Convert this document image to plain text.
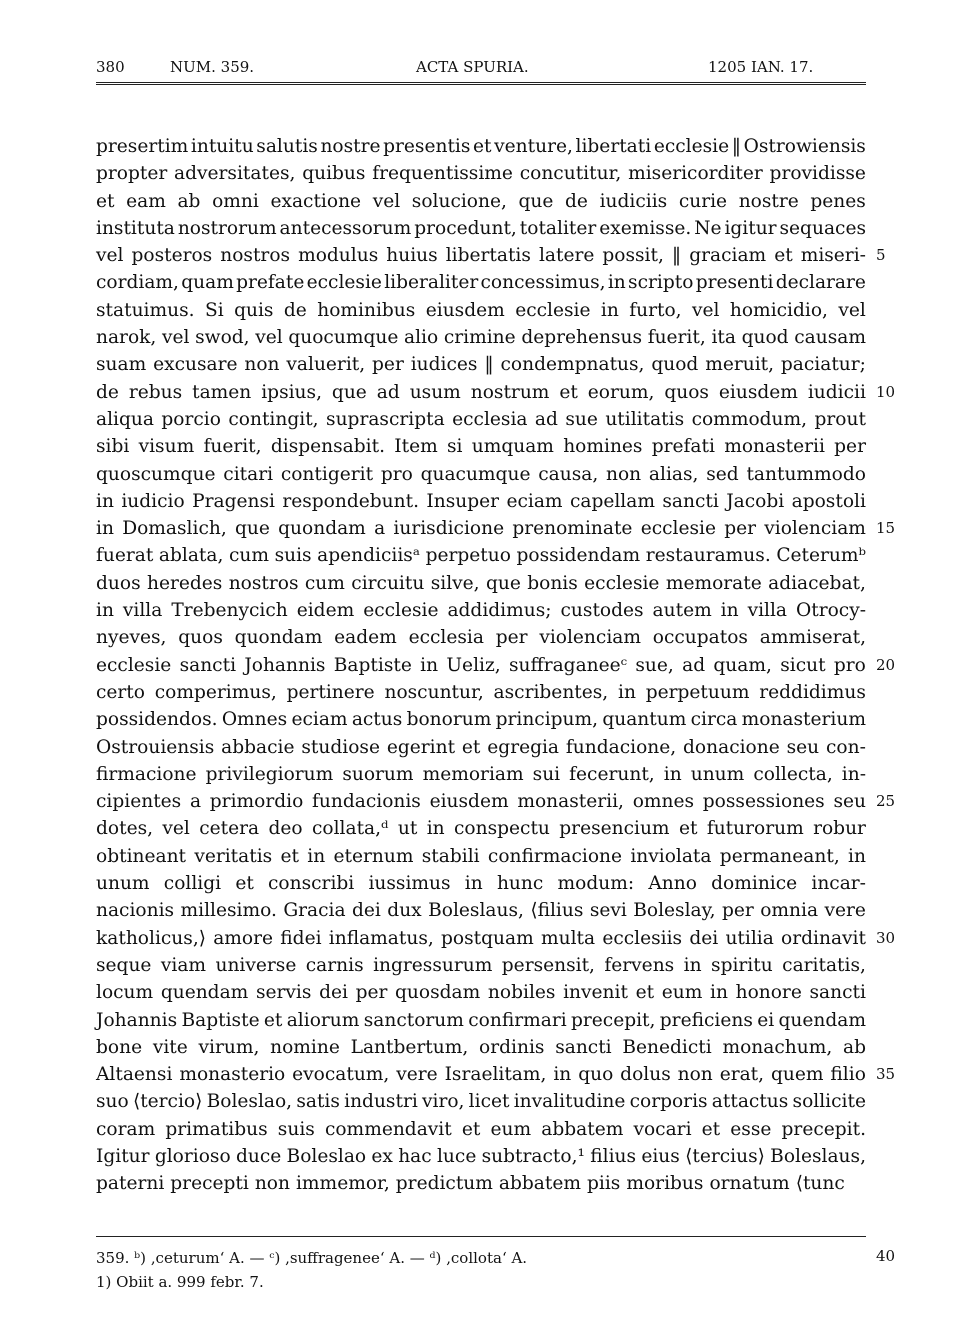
380	NUM. 359.	ACTA SPURIA.	1205 IAN. 17.
presertim intuitu salutis nostre presentis et venture, libertati ecclesie ‖ Ostrowiensis
propter adversitates, quibus frequentissime concutitur, misericorditer providisse
et eam ab omni exactione vel solucione, que de iudiciis curie nostre penes
instituta nostrorum antecessorum procedunt, totaliter exemisse. Ne igitur sequaces
vel posteros nostros modulus huius libertatis latere possit, ‖ graciam et miseri-
cordiam, quam prefate ecclesie liberaliter concessimus, in scripto presenti declarare
statuimus. Si quis de hominibus eiusdem ecclesie in furto, vel homicidio, vel
narok, vel swod, vel quocumque alio crimine deprehensus fuerit, ita quod causam
suam excusare non valuerit, per iudices ‖ condempnatus, quod meruit, paciatur;
de rebus tamen ipsius, que ad usum nostrum et eorum, quos eiusdem iudicii
aliqua porcio contingit, suprascripta ecclesia ad sue utilitatis commodum, prout
sibi visum fuerit, dispensabit. Item si umquam homines prefati monasterii per
quoscumque citari contigerit pro quacumque causa, non alias, sed tantummodo
in iudicio Pragensi respondebunt. Insuper eciam capellam sancti Jacobi apostoli
in Domaslich, que quondam a iurisdicione prenominate ecclesie per violenciam
fuerat ablata, cum suis apendiciisᵃ perpetuo possidendam restauramus. Ceterumᵇ
duos heredes nostros cum circuitu silve, que bonis ecclesie memorate adiacebat,
in villa Trebenycich eidem ecclesie addidimus; custodes autem in villa Otrocy-
nyeves, quos quondam eadem ecclesia per violenciam occupatos ammiserat,
ecclesie sancti Johannis Baptiste in Ueliz, suffraganeeᶜ sue, ad quam, sicut pro
certo comperimus, pertinere noscuntur, ascribentes, in perpetuum reddidimus
possidendos. Omnes eciam actus bonorum principum, quantum circa monasterium
Ostrouiensis abbacie studiose egerint et egregia fundacione, donacione seu con-
firmacione privilegiorum suorum memoriam sui fecerunt, in unum collecta, in-
cipientes a primordio fundacionis eiusdem monasterii, omnes possessiones seu
dotes, vel cetera deo collata,ᵈ ut in conspectu presencium et futurorum robur
obtineant veritatis et in eternum stabili confirmacione inviolata permaneant, in
unum colligi et conscribi iussimus in hunc modum: Anno dominice incar-
nacionis millesimo. Gracia dei dux Boleslaus, ⟨filius sevi Boleslay, per omnia vere
katholicus,⟩ amore fidei inflamatus, postquam multa ecclesiis dei utilia ordinavit
seque viam universe carnis ingressurum persensit, fervens in spiritu caritatis,
locum quendam servis dei per quosdam nobiles invenit et eum in honore sancti
Johannis Baptiste et aliorum sanctorum confirmari precepit, preficiens ei quendam
bone vite virum, nomine Lantbertum, ordinis sancti Benedicti monachum, ab
Altaensi monasterio evocatum, vere Israelitam, in quo dolus non erat, quem filio
suo ⟨tercio⟩ Boleslao, satis industri viro, licet invalitudine corporis attactus sollicite
coram primatibus suis commendavit et eum abbatem vocari et esse precepit.
Igitur glorioso duce Boleslao ex hac luce subtracto,¹ filius eius ⟨tercius⟩ Boleslaus,
paterni precepti non immemor, predictum abbatem piis moribus ornatum ⟨tunc
5
10
15
20
25
30
35
40
359. ᵇ) ‚ceturum‘ A. — ᶜ) ‚suffragenee‘ A. — ᵈ) ‚collota‘ A.
1) Obiit a. 999 febr. 7.
